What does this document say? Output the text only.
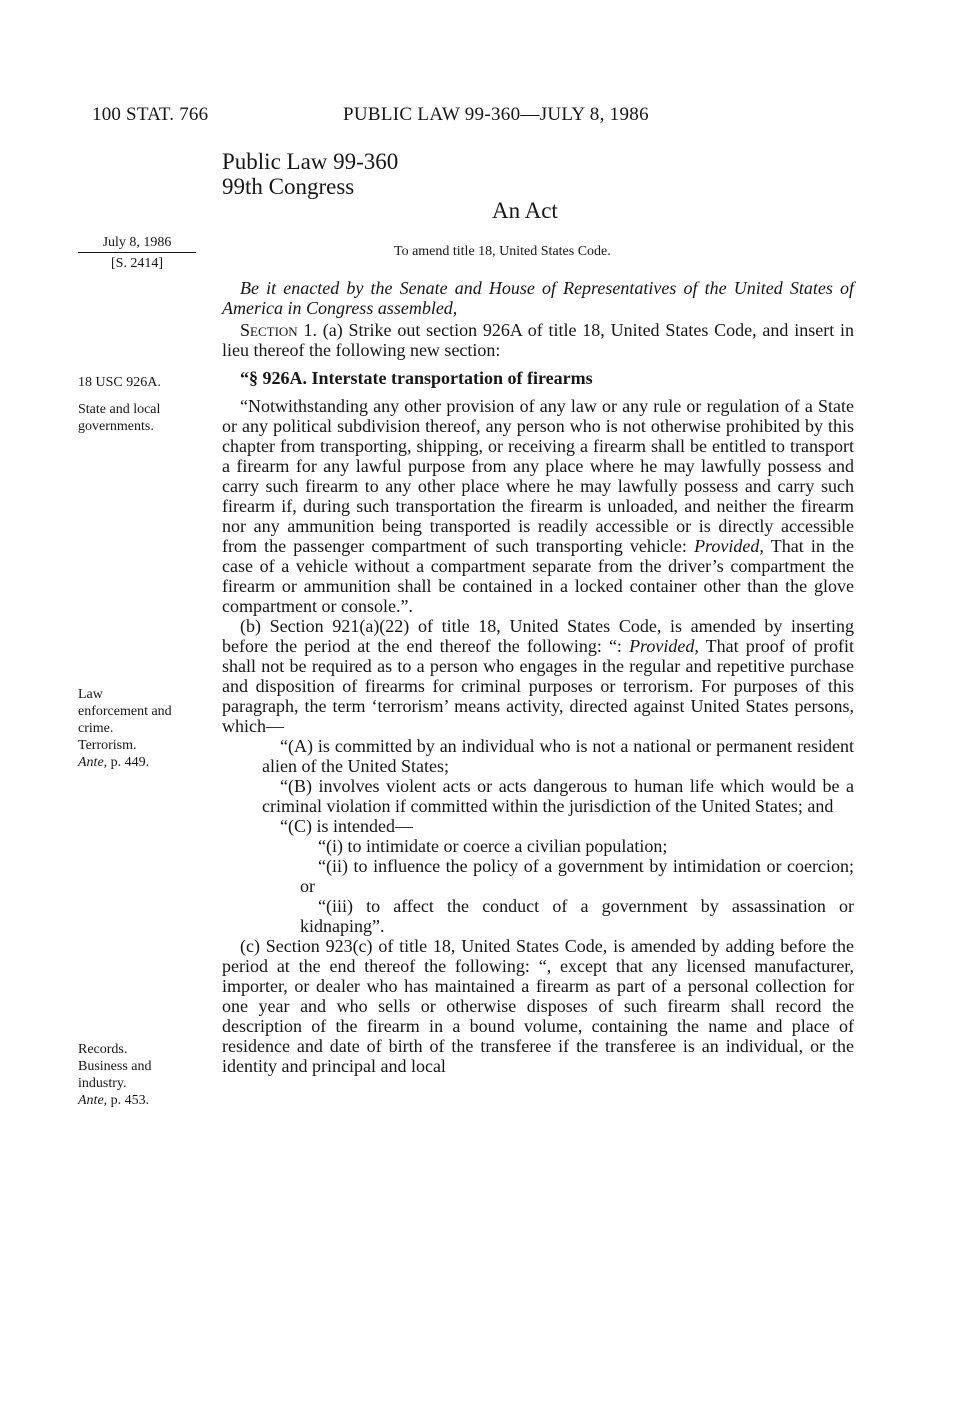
100 STAT. 766	PUBLIC LAW 99-360—JULY 8, 1986
Public Law 99-360
99th Congress
An Act
To amend title 18, United States Code.
July 8, 1986
[S. 2414]
18 USC 926A.
State and local
governments.
Law
enforcement and
crime.
Terrorism.
Ante, p. 449.
Records.
Business and
industry.
Ante, p. 453.

Be it enacted by the Senate and House of Representatives of the United States of America in Congress assembled,

Section 1. (a) Strike out section 926A of title 18, United States Code, and insert in lieu thereof the following new section:

“§ 926A. Interstate transportation of firearms

“Notwithstanding any other provision of any law or any rule or regulation of a State or any political subdivision thereof, any person who is not otherwise prohibited by this chapter from transporting, shipping, or receiving a firearm shall be entitled to transport a firearm for any lawful purpose from any place where he may lawfully possess and carry such firearm to any other place where he may lawfully possess and carry such firearm if, during such transportation the firearm is unloaded, and neither the firearm nor any ammunition being transported is readily accessible or is directly accessible from the passenger compartment of such transporting vehicle: Provided, That in the case of a vehicle without a compartment separate from the driver’s compartment the firearm or ammunition shall be contained in a locked container other than the glove compartment or console.”.

(b) Section 921(a)(22) of title 18, United States Code, is amended by inserting before the period at the end thereof the following: “: Provided, That proof of profit shall not be required as to a person who engages in the regular and repetitive purchase and disposition of firearms for criminal purposes or terrorism. For purposes of this paragraph, the term ‘terrorism’ means activity, directed against United States persons, which—

“(A) is committed by an individual who is not a national or permanent resident alien of the United States;

“(B) involves violent acts or acts dangerous to human life which would be a criminal violation if committed within the jurisdiction of the United States; and

“(C) is intended—

“(i) to intimidate or coerce a civilian population;

“(ii) to influence the policy of a government by intimidation or coercion; or

“(iii) to affect the conduct of a government by assassination or kidnaping”.

(c) Section 923(c) of title 18, United States Code, is amended by adding before the period at the end thereof the following: “, except that any licensed manufacturer, importer, or dealer who has maintained a firearm as part of a personal collection for one year and who sells or otherwise disposes of such firearm shall record the description of the firearm in a bound volume, containing the name and place of residence and date of birth of the transferee if the transferee is an individual, or the identity and principal and local
